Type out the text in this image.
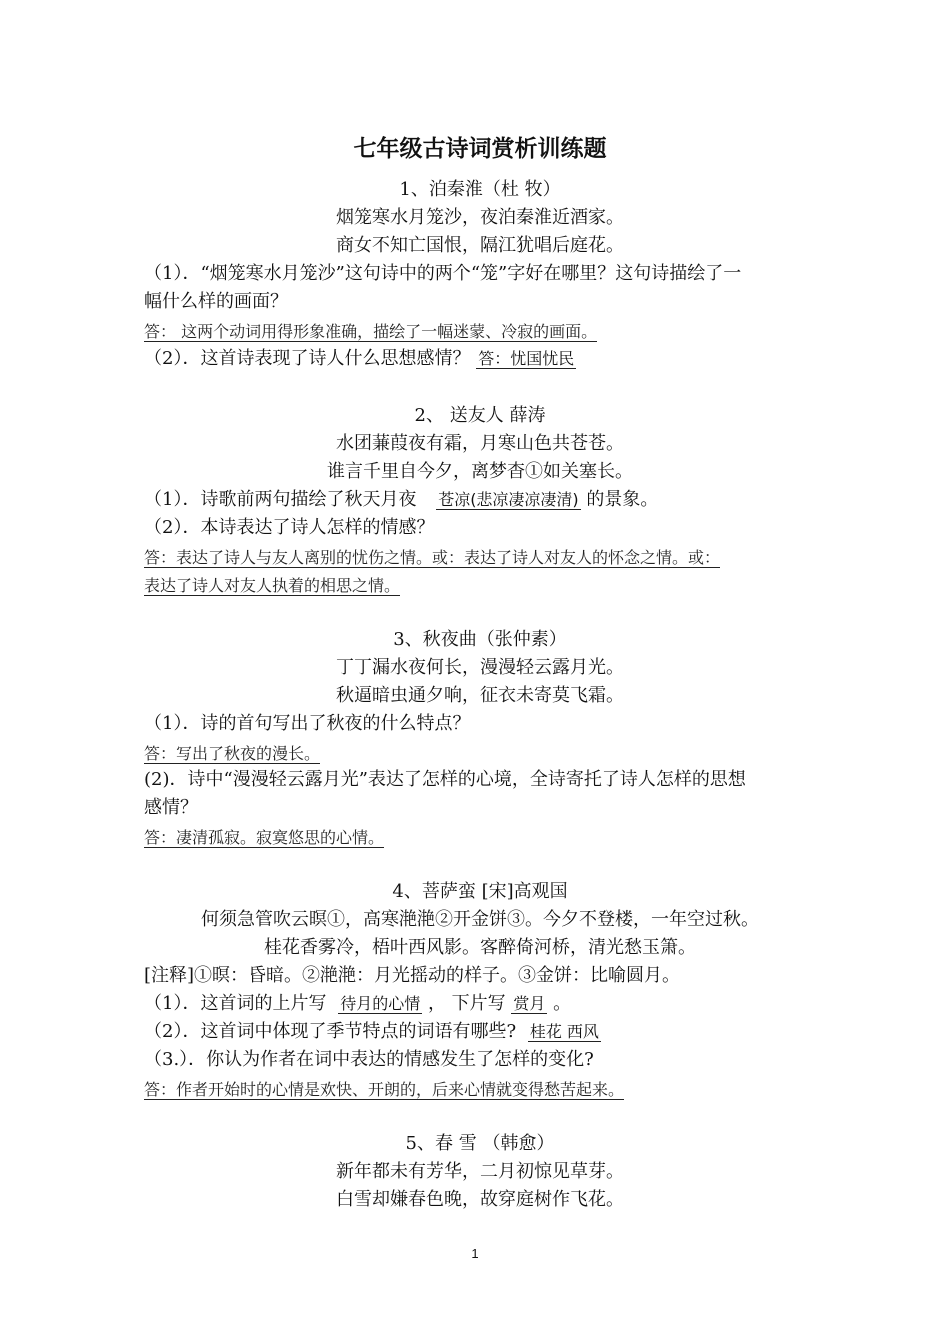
七年级古诗词赏析训练题
1、泊秦淮（杜 牧）
烟笼寒水月笼沙，夜泊秦淮近酒家。
商女不知亡国恨，隔江犹唱后庭花。
（1）．“烟笼寒水月笼沙”这句诗中的两个“笼”字好在哪里？这句诗描绘了一
幅什么样的画面？
答： 这两个动词用得形象准确，描绘了一幅迷蒙、冷寂的画面。
（2）．这首诗表现了诗人什么思想感情？ 答：忧国忧民
2、 送友人 薛涛
水团蒹葭夜有霜，月寒山色共苍苍。
谁言千里自今夕，离梦杳①如关塞长。
（1）．诗歌前两句描绘了秋天月夜 苍凉(悲凉凄凉凄清) 的景象。
（2）．本诗表达了诗人怎样的情感？
答：表达了诗人与友人离别的忧伤之情。或：表达了诗人对友人的怀念之情。或：
表达了诗人对友人执着的相思之情。
3、秋夜曲（张仲素）
丁丁漏水夜何长，漫漫轻云露月光。
秋逼暗虫通夕响，征衣未寄莫飞霜。
（1）．诗的首句写出了秋夜的什么特点？
答：写出了秋夜的漫长。
(2)．诗中“漫漫轻云露月光”表达了怎样的心境，全诗寄托了诗人怎样的思想
感情？
答：凄清孤寂。寂寞悠思的心情。
4、菩萨蛮 [宋]高观国
何须急管吹云暝①，高寒滟滟②开金饼③。今夕不登楼，一年空过秋。
桂花香雾冷，梧叶西风影。客醉倚河桥，清光愁玉箫。
[注释]①暝：昏暗。②滟滟：月光摇动的样子。③金饼：比喻圆月。
（1）．这首词的上片写 待月的心情 ， 下片写 赏月 。
（2）．这首词中体现了季节特点的词语有哪些? 桂花 西风
（3.）．你认为作者在词中表达的情感发生了怎样的变化?
答：作者开始时的心情是欢快、开朗的，后来心情就变得愁苦起来。
5、春 雪 （韩愈）
新年都未有芳华，二月初惊见草芽。
白雪却嫌春色晚，故穿庭树作飞花。
1
